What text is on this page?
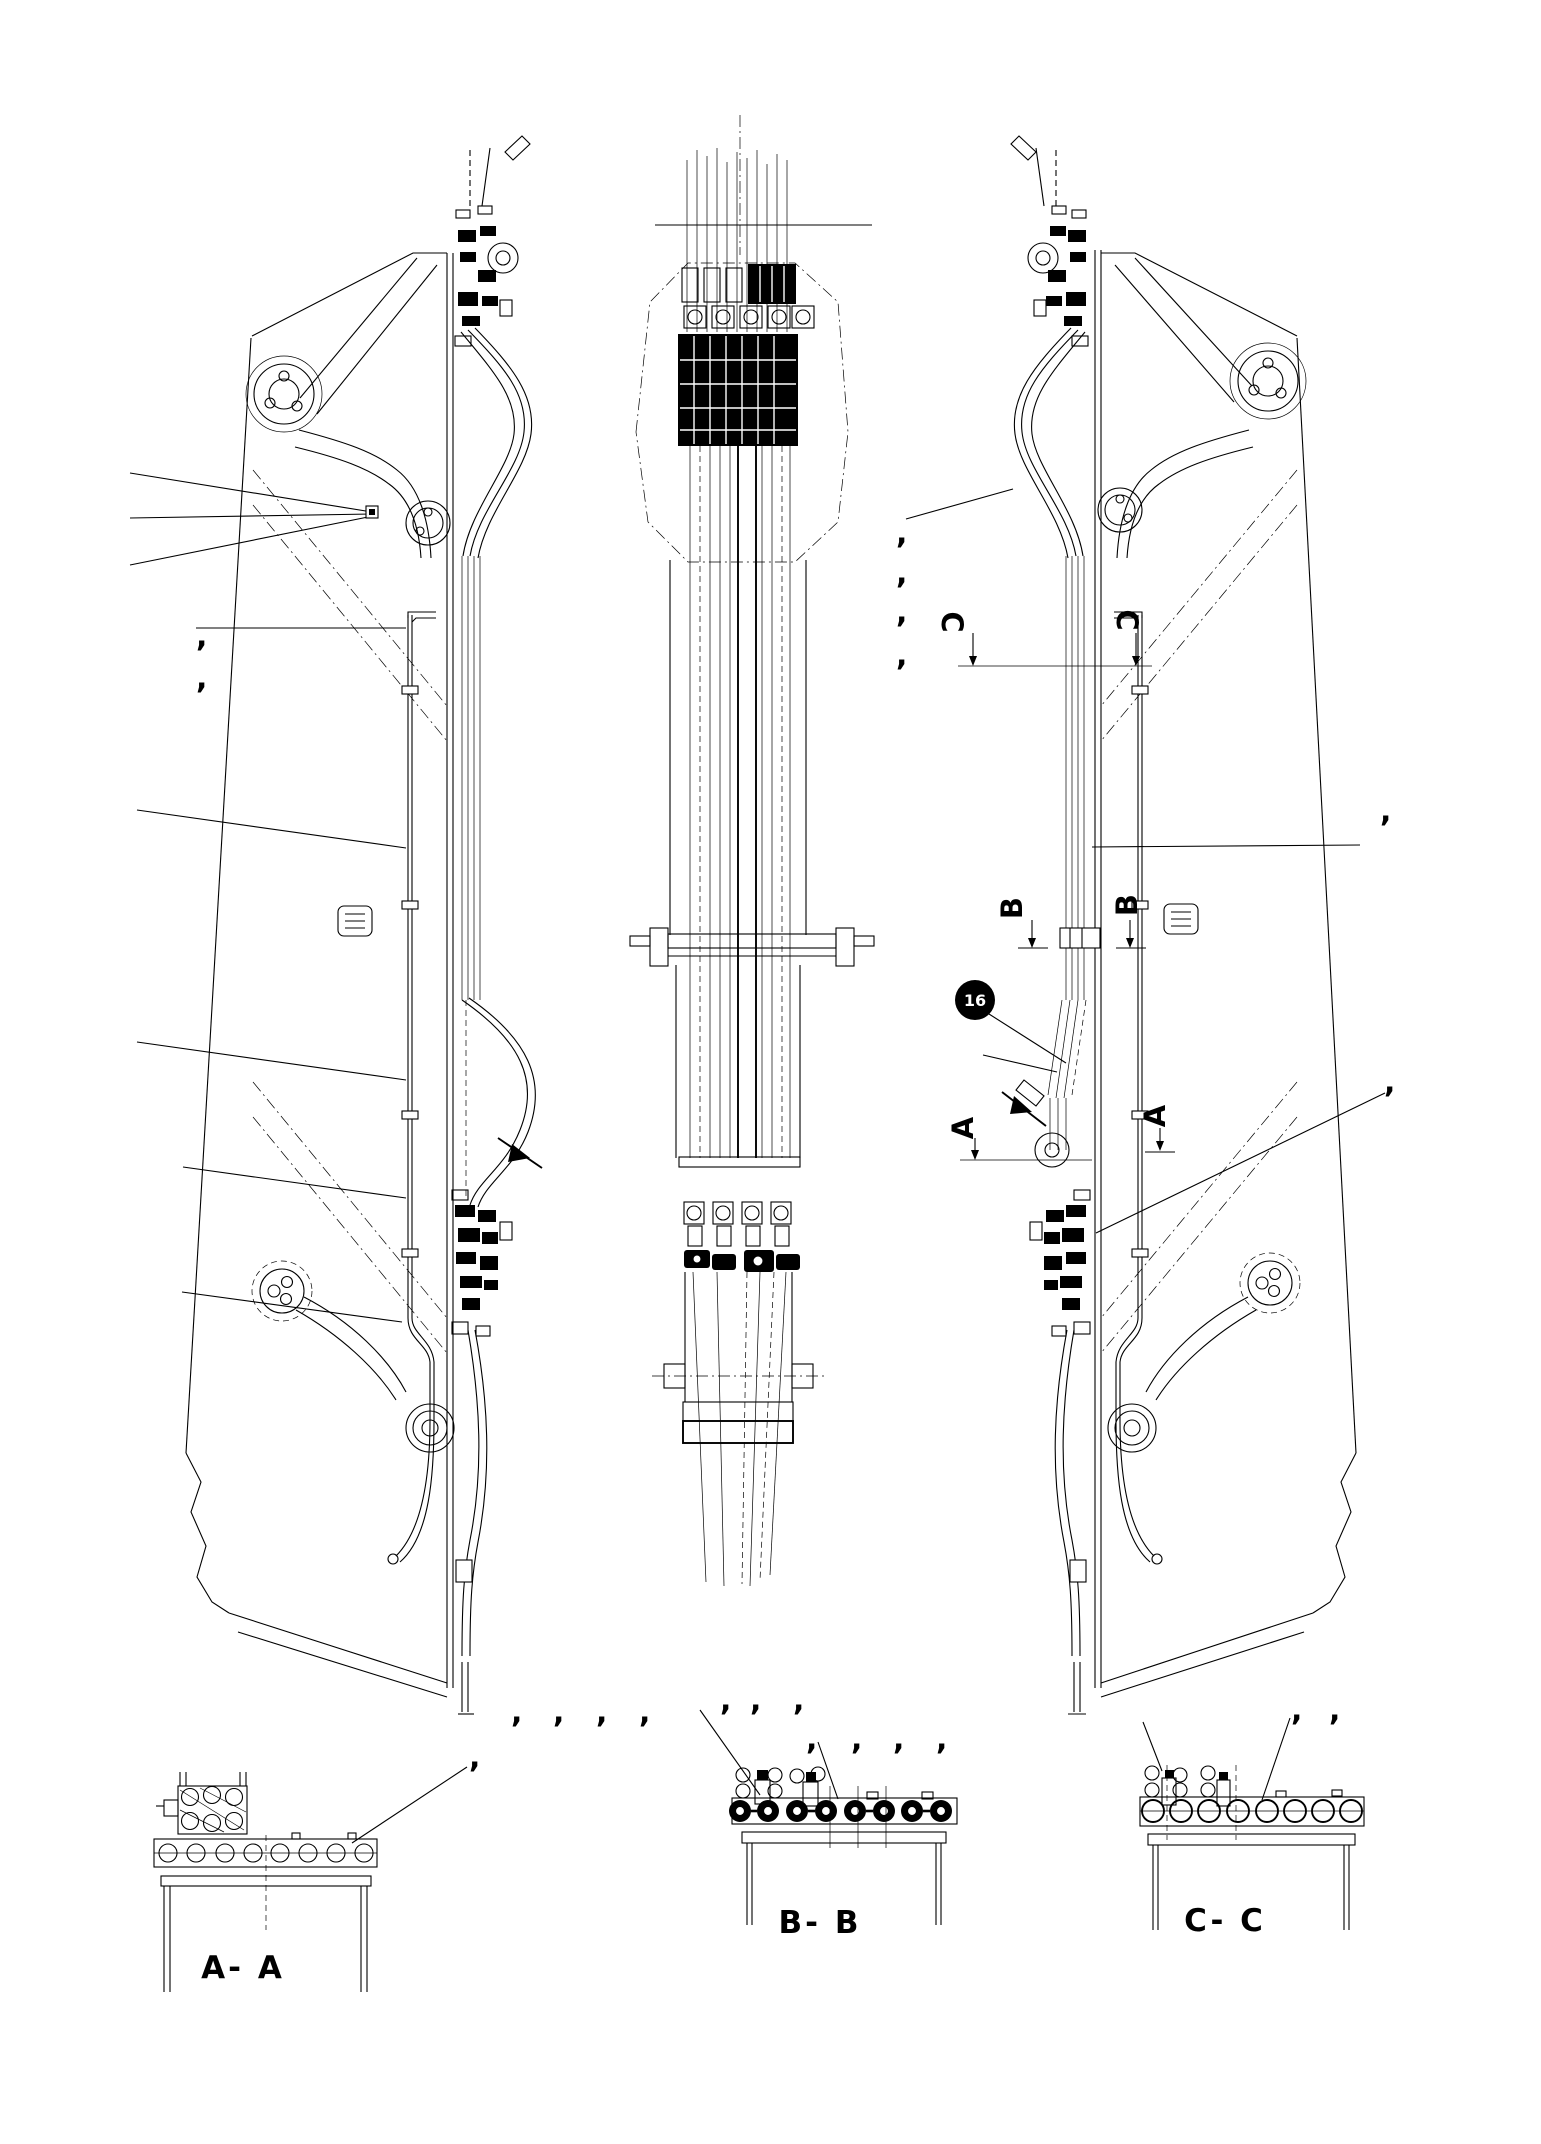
C	C
B	B
A
A
16
A- A
B- B	C- C
,
,
,
,
,
,
,
,
, , , , , , ,
, , , ,
,
, ,
